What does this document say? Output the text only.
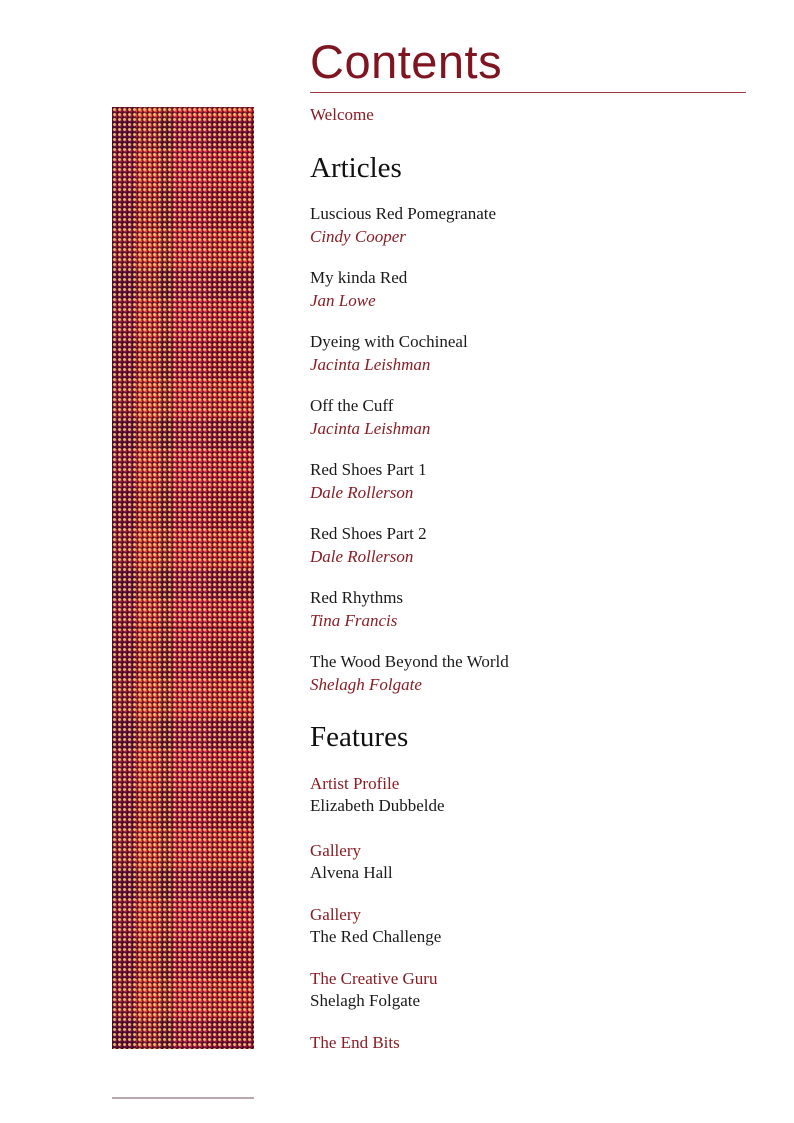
Contents
Welcome
Articles
Luscious Red Pomegranate
Cindy Cooper
My kinda Red
Jan Lowe
Dyeing with Cochineal
Jacinta Leishman
Off the Cuff
Jacinta Leishman
Red Shoes Part 1
Dale Rollerson
Red Shoes Part 2
Dale Rollerson
Red Rhythms
Tina Francis
The Wood Beyond the World
Shelagh Folgate
Features
Artist Profile
Elizabeth Dubbelde
Gallery
Alvena Hall
Gallery
The Red Challenge
The Creative Guru
Shelagh Folgate
The End Bits
